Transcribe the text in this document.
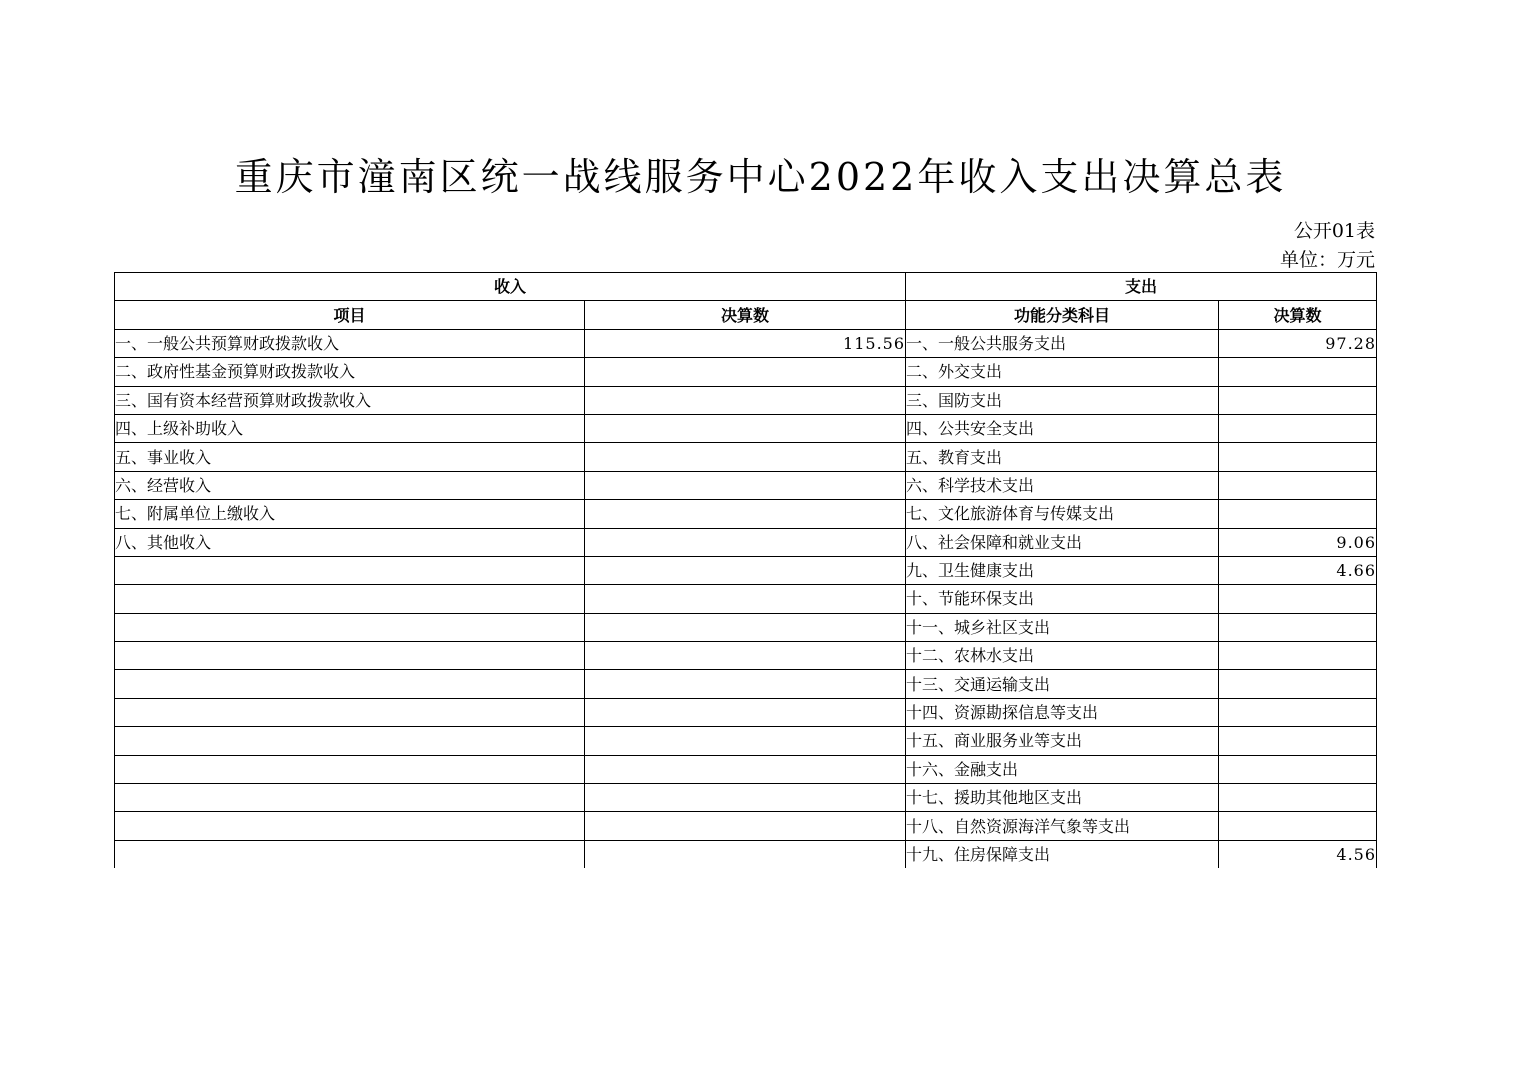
重庆市潼南区统一战线服务中心2022年收入支出决算总表
公开01表
单位：万元
收入		支出	
项目	决算数	功能分类科目	决算数
一、一般公共预算财政拨款收入	115.56	一、一般公共服务支出	97.28
二、政府性基金预算财政拨款收入		二、外交支出	
三、国有资本经营预算财政拨款收入		三、国防支出	
四、上级补助收入		四、公共安全支出	
五、事业收入		五、教育支出	
六、经营收入		六、科学技术支出	
七、附属单位上缴收入		七、文化旅游体育与传媒支出	
八、其他收入		八、社会保障和就业支出	9.06
		九、卫生健康支出	4.66
		十、节能环保支出	
		十一、城乡社区支出	
		十二、农林水支出	
		十三、交通运输支出	
		十四、资源勘探信息等支出	
		十五、商业服务业等支出	
		十六、金融支出	
		十七、援助其他地区支出	
		十八、自然资源海洋气象等支出	
		十九、住房保障支出	4.56
